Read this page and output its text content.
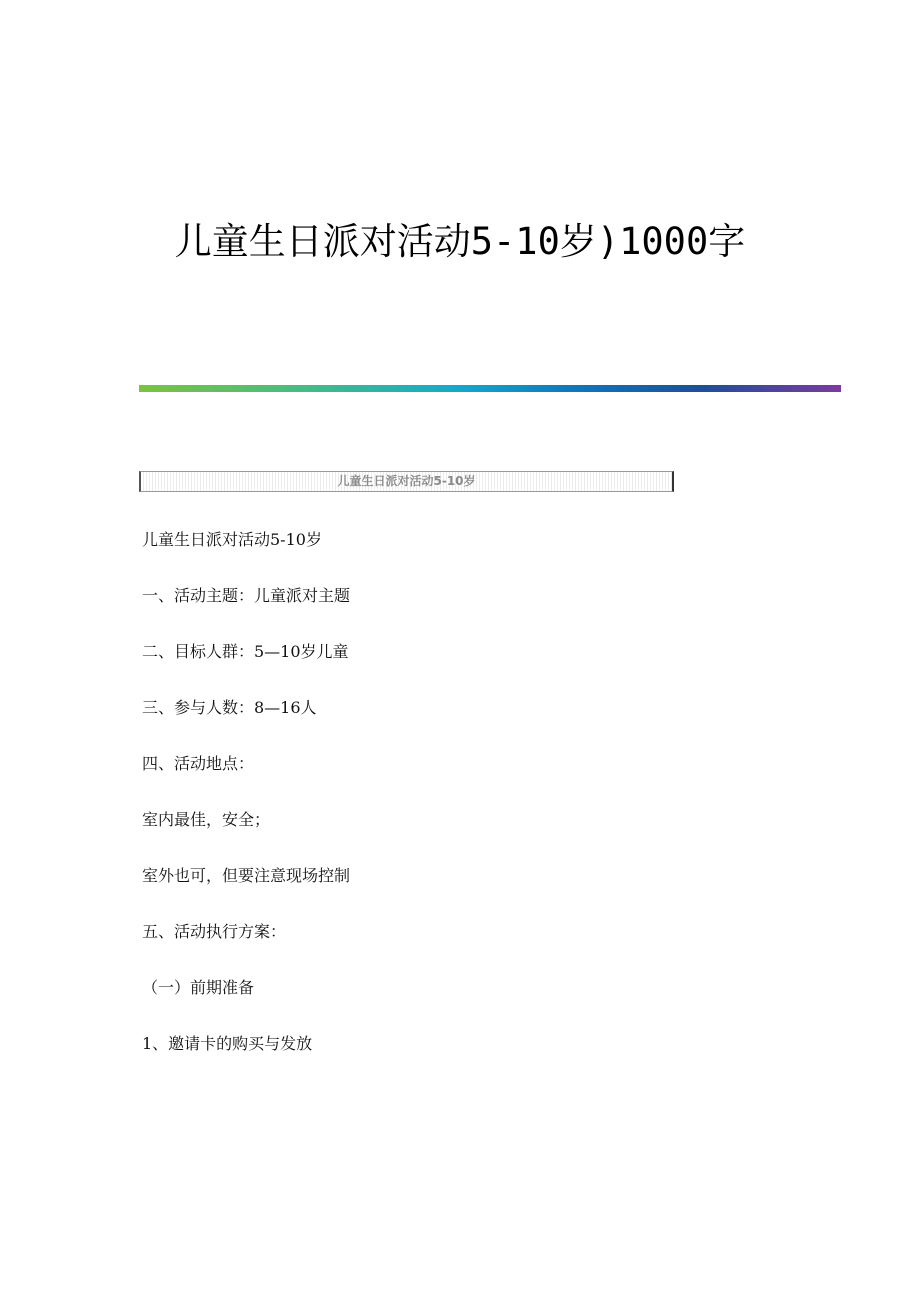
儿童生日派对活动5-10岁)1000字
儿童生日派对活动5-10岁
儿童生日派对活动5-10岁
一、活动主题：儿童派对主题
二、目标人群：5—10岁儿童
三、参与人数：8—16人
四、活动地点：
室内最佳，安全；
室外也可，但要注意现场控制
五、活动执行方案：
（一）前期准备
1、邀请卡的购买与发放
